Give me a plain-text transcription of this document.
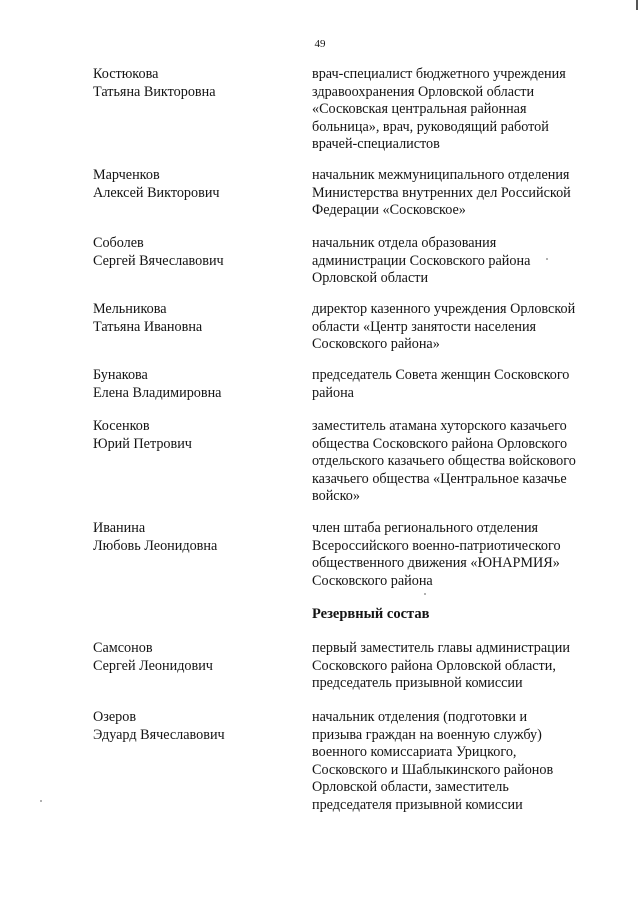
49
Костюкова
Татьяна Викторовна
врач-специалист бюджетного учреждения
здравоохранения Орловской области
«Сосковская центральная районная
больница», врач, руководящий работой
врачей-специалистов
Марченков
Алексей Викторович
начальник межмуниципального отделения
Министерства внутренних дел Российской
Федерации «Сосковское»
Соболев
Сергей Вячеславович
начальник отдела образования
администрации Сосковского района
Орловской области
Мельникова
Татьяна Ивановна
директор казенного учреждения Орловской
области «Центр занятости населения
Сосковского района»
Бунакова
Елена Владимировна
председатель Совета женщин Сосковского
района
Косенков
Юрий Петрович
заместитель атамана хуторского казачьего
общества Сосковского района Орловского
отдельского казачьего общества войскового
казачьего общества «Центральное казачье
войско»
Иванина
Любовь Леонидовна
член штаба регионального отделения
Всероссийского военно-патриотического
общественного движения «ЮНАРМИЯ»
Сосковского района
Резервный состав
Самсонов
Сергей Леонидович
первый заместитель главы администрации
Сосковского района Орловской области,
председатель призывной комиссии
Озеров
Эдуард Вячеславович
начальник отделения (подготовки и
призыва граждан на военную службу)
военного комиссариата Урицкого,
Сосковского и Шаблыкинского районов
Орловской области, заместитель
председателя призывной комиссии
